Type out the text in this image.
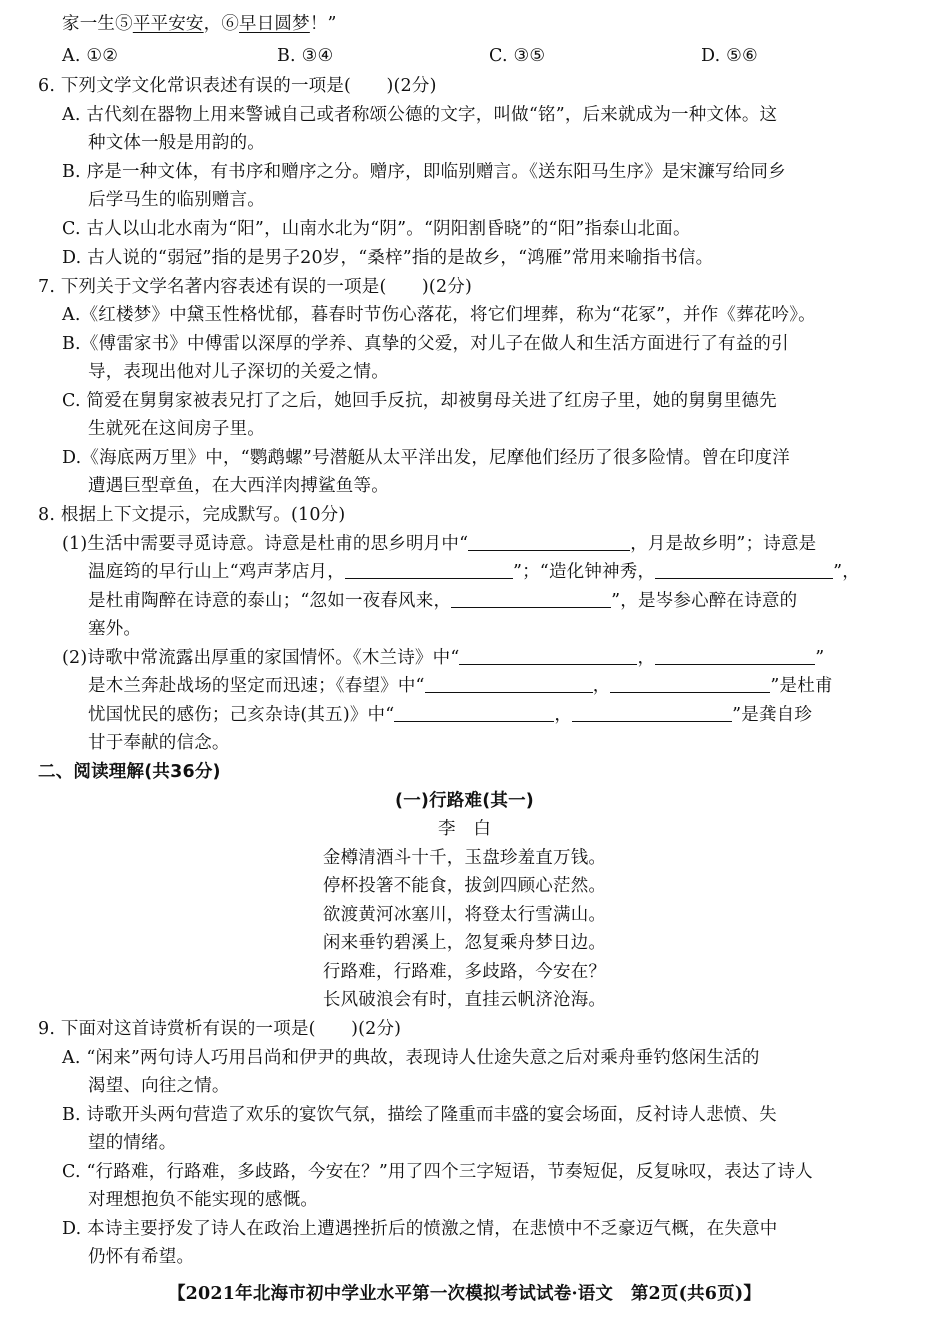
家一生⑤平平安安，⑥早日圆梦！”
A. ①②	B. ③④	C. ③⑤	D. ⑤⑥
6. 下列文学文化常识表述有误的一项是(　　)(2分)
A. 古代刻在器物上用来警诫自己或者称颂公德的文字，叫做“铭”，后来就成为一种文体。这
种文体一般是用韵的。
B. 序是一种文体，有书序和赠序之分。赠序，即临别赠言。《送东阳马生序》是宋濂写给同乡
后学马生的临别赠言。
C. 古人以山北水南为“阳”，山南水北为“阴”。“阴阳割昏晓”的“阳”指泰山北面。
D. 古人说的“弱冠”指的是男子20岁，“桑梓”指的是故乡，“鸿雁”常用来喻指书信。
7. 下列关于文学名著内容表述有误的一项是(　　)(2分)
A.《红楼梦》中黛玉性格忧郁，暮春时节伤心落花，将它们埋葬，称为“花冢”，并作《葬花吟》。
B.《傅雷家书》中傅雷以深厚的学养、真挚的父爱，对儿子在做人和生活方面进行了有益的引
导，表现出他对儿子深切的关爱之情。
C. 简爱在舅舅家被表兄打了之后，她回手反抗，却被舅母关进了红房子里，她的舅舅里德先
生就死在这间房子里。
D.《海底两万里》中，“鹦鹉螺”号潜艇从太平洋出发，尼摩他们经历了很多险情。曾在印度洋
遭遇巨型章鱼，在大西洋肉搏鲨鱼等。
8. 根据上下文提示，完成默写。(10分)
(1)生活中需要寻觅诗意。诗意是杜甫的思乡明月中“	，月是故乡明”；诗意是
温庭筠的早行山上“鸡声茅店月，	”；“造化钟神秀，	”，
是杜甫陶醉在诗意的泰山；“忽如一夜春风来，	”，是岑参心醉在诗意的
塞外。
(2)诗歌中常流露出厚重的家国情怀。《木兰诗》中“	，	”
是木兰奔赴战场的坚定而迅速；《春望》中“	，	”是杜甫
忧国忧民的感伤；己亥杂诗(其五)》中“	，	”是龚自珍
甘于奉献的信念。
二、阅读理解(共36分)
(一)行路难(其一)
李　白
金樽清酒斗十千，玉盘珍羞直万钱。
停杯投箸不能食，拔剑四顾心茫然。
欲渡黄河冰塞川，将登太行雪满山。
闲来垂钓碧溪上，忽复乘舟梦日边。
行路难，行路难，多歧路，今安在？
长风破浪会有时，直挂云帆济沧海。
9. 下面对这首诗赏析有误的一项是(　　)(2分)
A. “闲来”两句诗人巧用吕尚和伊尹的典故，表现诗人仕途失意之后对乘舟垂钓悠闲生活的
渴望、向往之情。
B. 诗歌开头两句营造了欢乐的宴饮气氛，描绘了隆重而丰盛的宴会场面，反衬诗人悲愤、失
望的情绪。
C. “行路难，行路难，多歧路，今安在？”用了四个三字短语，节奏短促，反复咏叹，表达了诗人
对理想抱负不能实现的感慨。
D. 本诗主要抒发了诗人在政治上遭遇挫折后的愤激之情，在悲愤中不乏豪迈气概，在失意中
仍怀有希望。
【2021年北海市初中学业水平第一次模拟考试试卷·语文　第2页(共6页)】
